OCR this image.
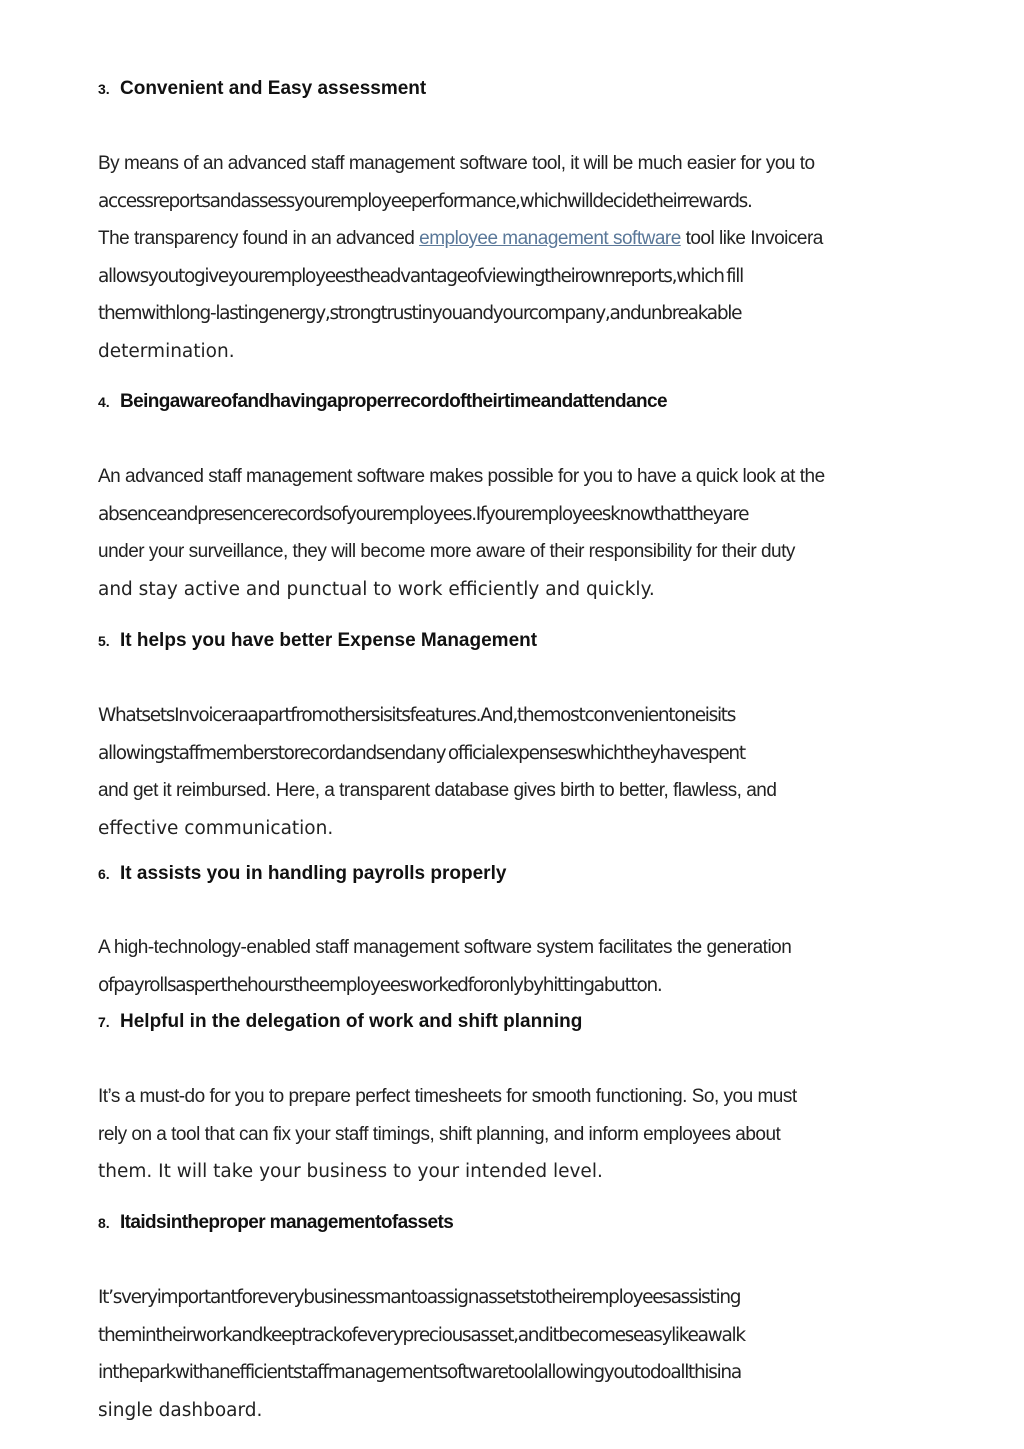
3. Convenient and Easy assessment
By means of an advanced staff management software tool, it will be much easier for you to
accessreportsandassessyouremployeeperformance,whichwilldecidetheirrewards.
The transparency found in an advanced employee management software tool like Invoicera
allowsyoutogiveyouremployeestheadvantageofviewingtheirownreports,which fill
themwithlong-lastingenergy,strongtrustinyouandyourcompany,andunbreakable
determination.
4. Beingawareofandhavingaproperrecordoftheirtimeandattendance
An advanced staff management software makes possible for you to have a quick look at the
absenceandpresencerecordsofyouremployees.Ifyouremployeesknowthattheyare
under your surveillance, they will become more aware of their responsibility for their duty
and stay active and punctual to work efficiently and quickly.
5. It helps you have better Expense Management
WhatsetsInvoiceraapartfromothersisitsfeatures.And,themostconvenientoneisits
allowingstaffmemberstorecordandsendany officialexpenseswhichtheyhavespent
and get it reimbursed. Here, a transparent database gives birth to better, flawless, and
effective communication.
6. It assists you in handling payrolls properly
A high-technology-enabled staff management software system facilitates the generation
ofpayrollsaspertheh​ourstheemployeesworkedforonlybyhittingabutton.
7. Helpful in the delegation of work and shift planning
It’s a must-do for you to prepare perfect timesheets for smooth functioning. So, you must
rely on a tool that can fix your staff timings, shift planning, and inform employees about
them. It will take your business to your intended level.
8. Itaidsintheproper managementofassets
It’sveryimportantforeverybusinessmantoassignassetstotheiremployeesassisting
themintheirworkandkeeptrackofeverypreciousasset,anditbecomeseasylikeawalk
intheparkwithanefficientstaffmanagementsoftwaretoolallowingyoutodoallthisina
single dashboard.
